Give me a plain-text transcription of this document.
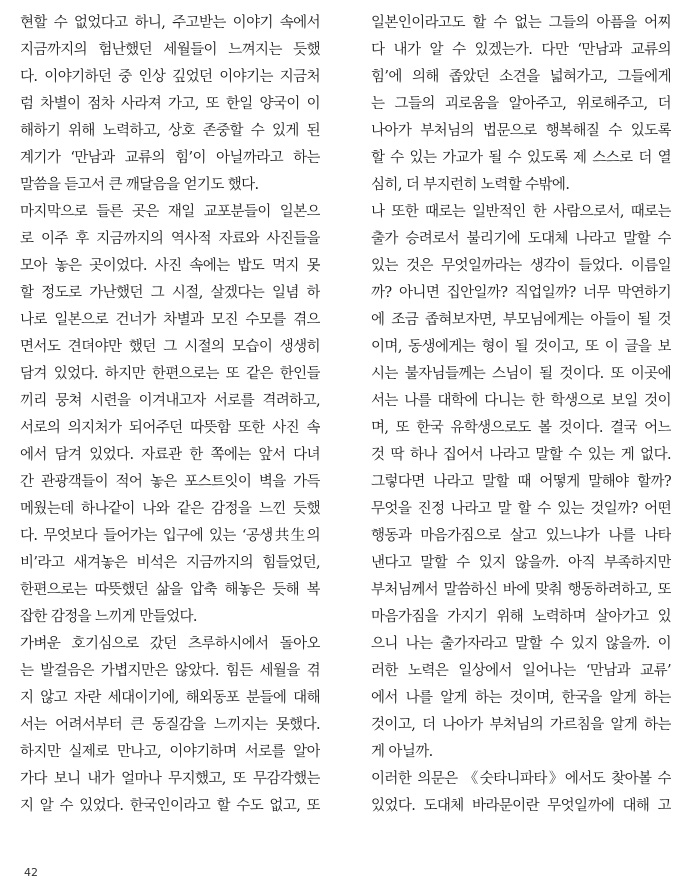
현할 수 없었다고 하니, 주고받는 이야기 속에서
지금까지의 험난했던 세월들이 느껴지는 듯했
다. 이야기하던 중 인상 깊었던 이야기는 지금처
럼 차별이 점차 사라져 가고, 또 한일 양국이 이
해하기 위해 노력하고, 상호 존중할 수 있게 된
계기가 ‘만남과 교류의 힘’이 아닐까라고 하는
말씀을 듣고서 큰 깨달음을 얻기도 했다.
마지막으로 들른 곳은 재일 교포분들이 일본으
로 이주 후 지금까지의 역사적 자료와 사진들을
모아 놓은 곳이었다. 사진 속에는 밥도 먹지 못
할 정도로 가난했던 그 시절, 살겠다는 일념 하
나로 일본으로 건너가 차별과 모진 수모를 겪으
면서도 견뎌야만 했던 그 시절의 모습이 생생히
담겨 있었다. 하지만 한편으로는 또 같은 한인들
끼리 뭉쳐 시련을 이겨내고자 서로를 격려하고,
서로의 의지처가 되어주던 따뜻함 또한 사진 속
에서 담겨 있었다. 자료관 한 쪽에는 앞서 다녀
간 관광객들이 적어 놓은 포스트잇이 벽을 가득
메웠는데 하나같이 나와 같은 감정을 느낀 듯했
다. 무엇보다 들어가는 입구에 있는 ‘공생共生의
비’라고 새겨놓은 비석은 지금까지의 힘들었던,
한편으로는 따뜻했던 삶을 압축 해놓은 듯해 복
잡한 감정을 느끼게 만들었다.
가벼운 호기심으로 갔던 츠루하시에서 돌아오
는 발걸음은 가볍지만은 않았다. 힘든 세월을 겪
지 않고 자란 세대이기에, 해외동포 분들에 대해
서는 어려서부터 큰 동질감을 느끼지는 못했다.
하지만 실제로 만나고, 이야기하며 서로를 알아
가다 보니 내가 얼마나 무지했고, 또 무감각했는
지 알 수 있었다. 한국인이라고 할 수도 없고, 또
일본인이라고도 할 수 없는 그들의 아픔을 어찌
다 내가 알 수 있겠는가. 다만 ‘만남과 교류의
힘’에 의해 좁았던 소견을 넓혀가고, 그들에게
는 그들의 괴로움을 알아주고, 위로해주고, 더
나아가 부처님의 법문으로 행복해질 수 있도록
할 수 있는 가교가 될 수 있도록 제 스스로 더 열
심히, 더 부지런히 노력할 수밖에.
나 또한 때로는 일반적인 한 사람으로서, 때로는
출가 승려로서 불리기에 도대체 나라고 말할 수
있는 것은 무엇일까라는 생각이 들었다. 이름일
까? 아니면 집안일까? 직업일까? 너무 막연하기
에 조금 좁혀보자면, 부모님에게는 아들이 될 것
이며, 동생에게는 형이 될 것이고, 또 이 글을 보
시는 불자님들께는 스님이 될 것이다. 또 이곳에
서는 나를 대학에 다니는 한 학생으로 보일 것이
며, 또 한국 유학생으로도 볼 것이다. 결국 어느
것 딱 하나 집어서 나라고 말할 수 있는 게 없다.
그렇다면 나라고 말할 때 어떻게 말해야 할까?
무엇을 진정 나라고 말 할 수 있는 것일까? 어떤
행동과 마음가짐으로 살고 있느냐가 나를 나타
낸다고 말할 수 있지 않을까. 아직 부족하지만
부처님께서 말씀하신 바에 맞춰 행동하려하고, 또
마음가짐을 가지기 위해 노력하며 살아가고 있
으니 나는 출가자라고 말할 수 있지 않을까. 이
러한 노력은 일상에서 일어나는 ‘만남과 교류’
에서 나를 알게 하는 것이며, 한국을 알게 하는
것이고, 더 나아가 부처님의 가르침을 알게 하는
게 아닐까.
이러한 의문은 《숫타니파타》에서도 찾아볼 수
있었다. 도대체 바라문이란 무엇일까에 대해 고
42
